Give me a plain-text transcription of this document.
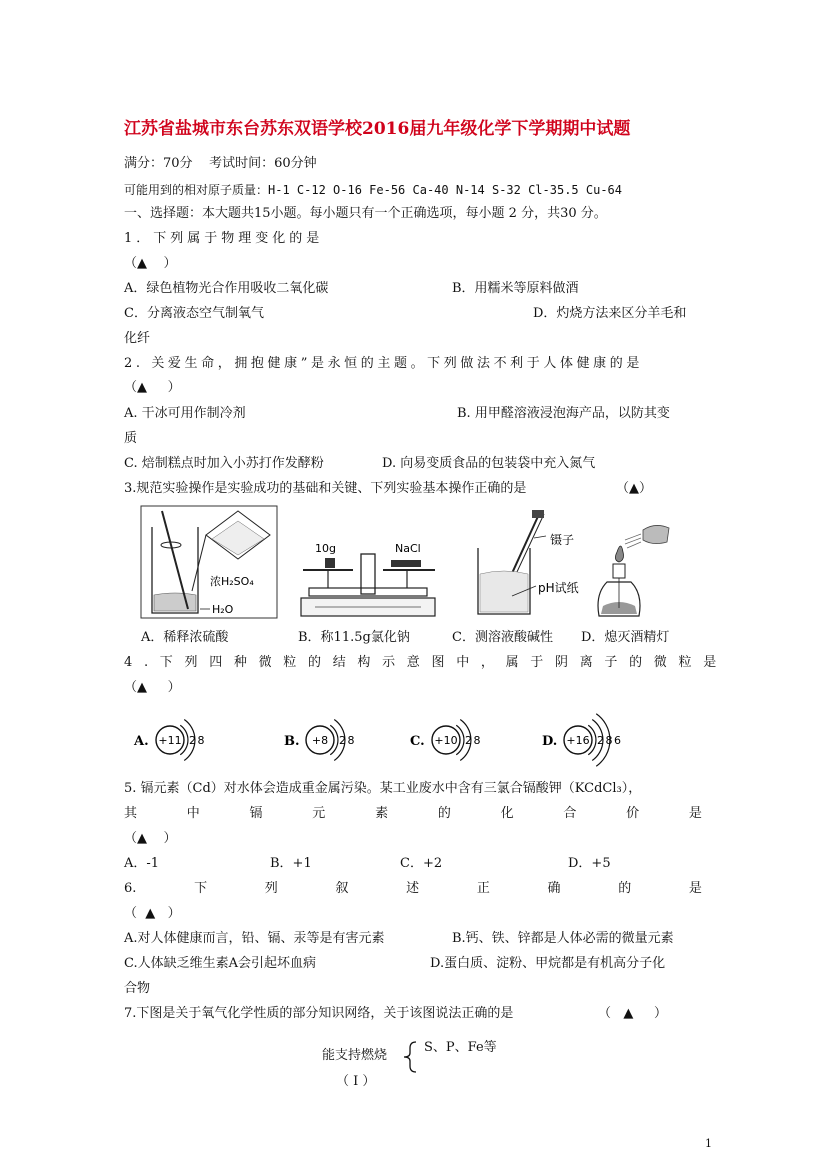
江苏省盐城市东台苏东双语学校2016届九年级化学下学期期中试题
满分：70分    考试时间：60分钟
可能用到的相对原子质量：H-1 C-12 O-16 Fe-56 Ca-40 N-14 S-32 Cl-35.5 Cu-64
一、选择题：本大题共15小题。每小题只有一个正确选项，每小题 2 分，共30 分。
1．下列属于物理变化的是
（▲    ）
A．绿色植物光合作用吸收二氧化碳	B．用糯米等原料做酒
C．分离液态空气制氧气	D．灼烧方法来区分羊毛和
化纤
2. 关爱生命，拥抱健康”是永恒的主题。下列做法不利于人体健康的是
（▲     ）
A. 干冰可用作制冷剂	B. 用甲醛溶液浸泡海产品，以防其变
质
C. 焙制糕点时加入小苏打作发酵粉	D. 向易变质食品的包装袋中充入氮气
3.规范实验操作是实验成功的基础和关键、下列实验基本操作正确的是	（▲）
浓H₂SO₄
H₂O
10g	NaCl
镊子
pH试纸
A．稀释浓硫酸	B．称11.5g氯化钠	C．测溶液酸碱性 D．熄灭酒精灯
4.下列四种微粒的结构示意图中，属于阴离子的微粒是
（▲     ）
A. +11 28	B. +8 28	C. +10 28	D. +16 286
5. 镉元素（Cd）对水体会造成重金属污染。某工业废水中含有三氯合镉酸钾（KCdCl₃），
其	中	镉	元	素	的	化	合	价	是
（▲    ）
A．-1	B．+1	C．+2	D．+5
6.	下	列	叙	述	正	确	的	是
（  ▲   ）
A.对人体健康而言，铅、镉、汞等是有害元素	B.钙、铁、锌都是人体必需的微量元素
C.人体缺乏维生素A会引起坏血病	D.蛋白质、淀粉、甲烷都是有机高分子化
合物
7.下图是关于氧气化学性质的部分知识网络，关于该图说法正确的是	（   ▲     ）
能支持燃烧
S、P、Fe等
（ I ）
1
